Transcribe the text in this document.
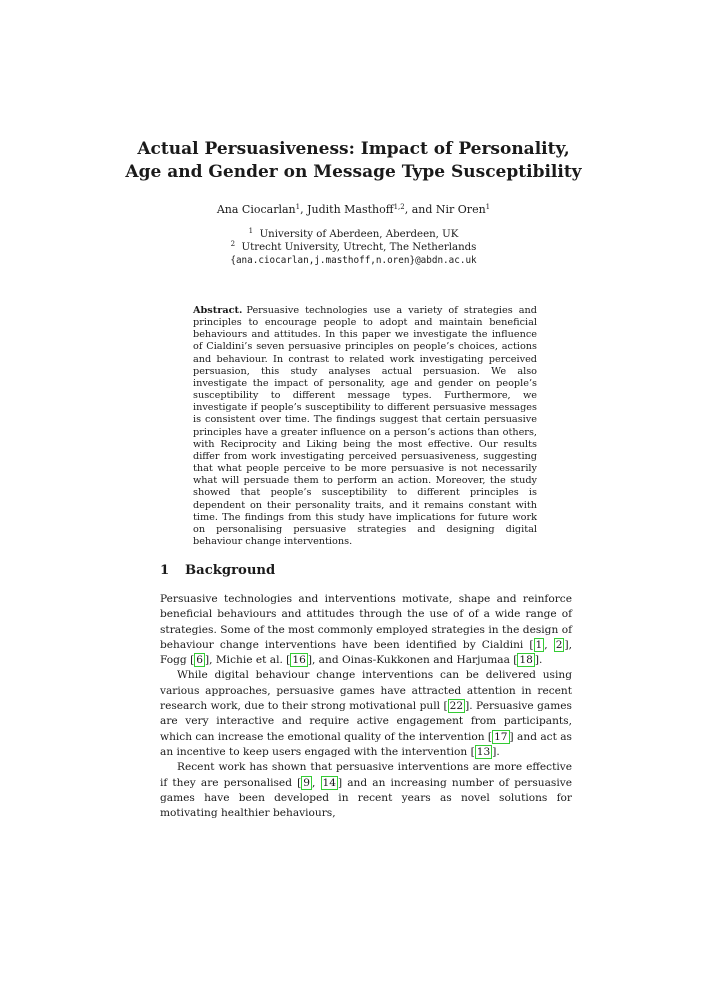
Actual Persuasiveness: Impact of Personality,
Age and Gender on Message Type Susceptibility
Ana Ciocarlan$^1$, Judith Masthoff$^{1,2}$, and Nir Oren$^1$
$^1$ University of Aberdeen, Aberdeen, UK
$^2$ Utrecht University, Utrecht, The Netherlands
{ana.ciocarlan,j.masthoff,n.oren}@abdn.ac.uk
Abstract. Persuasive technologies use a variety of strategies and principles to encourage people to adopt and maintain beneficial behaviours and attitudes. In this paper we investigate the influence of Cialdini’s seven persuasive principles on people’s choices, actions and behaviour. In contrast to related work investigating perceived persuasion, this study analyses actual persuasion. We also investigate the impact of personality, age and gender on people’s susceptibility to different message types. Furthermore, we investigate if people’s susceptibility to different persuasive messages is consistent over time. The findings suggest that certain persuasive principles have a greater influence on a person’s actions than others, with Reciprocity and Liking being the most effective. Our results differ from work investigating perceived persuasiveness, suggesting that what people perceive to be more persuasive is not necessarily what will persuade them to perform an action. Moreover, the study showed that people’s susceptibility to different principles is dependent on their personality traits, and it remains constant with time. The findings from this study have implications for future work on personalising persuasive strategies and designing digital behaviour change interventions.
1 Background

Persuasive technologies and interventions motivate, shape and reinforce beneficial behaviours and attitudes through the use of of a wide range of strategies. Some of the most commonly employed strategies in the design of behaviour change interventions have been identified by Cialdini [ 1 , 2 ], Fogg [ 6 ], Michie et al. [ 16 ], and Oinas-Kukkonen and Harjumaa [ 18 ].

While digital behaviour change interventions can be delivered using various approaches, persuasive games have attracted attention in recent research work, due to their strong motivational pull [ 22 ]. Persuasive games are very interactive and require active engagement from participants, which can increase the emotional quality of the intervention [ 17 ] and act as an incentive to keep users engaged with the intervention [ 13 ].

Recent work has shown that persuasive interventions are more effective if they are personalised [ 9 , 14 ] and an increasing number of persuasive games have been developed in recent years as novel solutions for motivating healthier behaviours,
